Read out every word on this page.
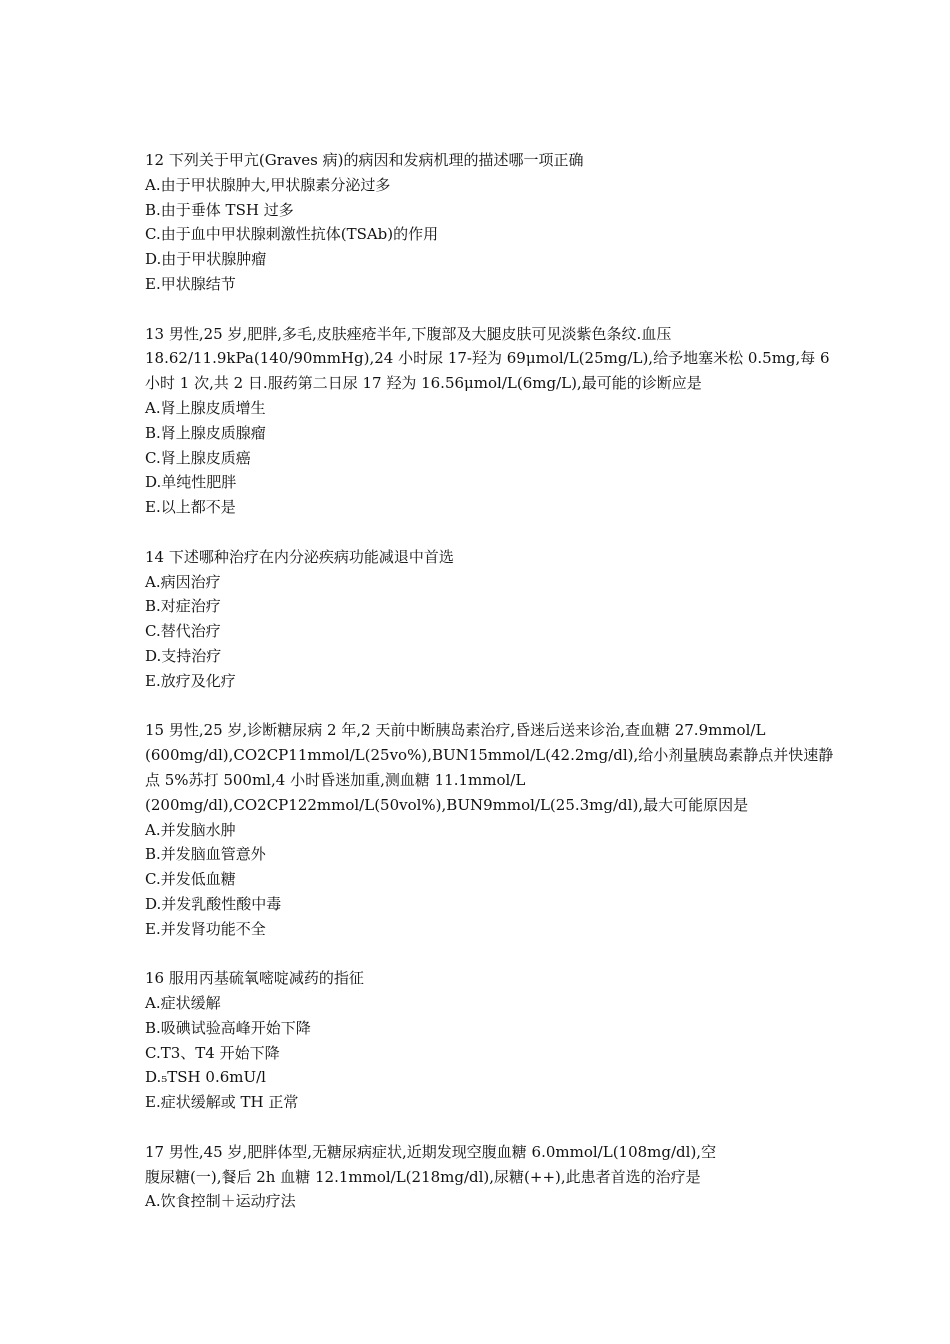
12 下列关于甲亢(Graves 病)的病因和发病机理的描述哪一项正确
A.由于甲状腺肿大,甲状腺素分泌过多
B.由于垂体 TSH 过多
C.由于血中甲状腺刺激性抗体(TSAb)的作用
D.由于甲状腺肿瘤
E.甲状腺结节
13 男性,25 岁,肥胖,多毛,皮肤痤疮半年,下腹部及大腿皮肤可见淡紫色条纹.血压
18.62/11.9kPa(140/90mmHg),24 小时尿 17-羟为 69μmol/L(25mg/L),给予地塞米松 0.5mg,每 6
小时 1 次,共 2 日.服药第二日尿 17 羟为 16.56μmol/L(6mg/L),最可能的诊断应是
A.肾上腺皮质增生
B.肾上腺皮质腺瘤
C.肾上腺皮质癌
D.单纯性肥胖
E.以上都不是
14 下述哪种治疗在内分泌疾病功能减退中首选
A.病因治疗
B.对症治疗
C.替代治疗
D.支持治疗
E.放疗及化疗
15 男性,25 岁,诊断糖尿病 2 年,2 天前中断胰岛素治疗,昏迷后送来诊治,查血糖 27.9mmol/L
(600mg/dl),CO2CP11mmol/L(25vo%),BUN15mmol/L(42.2mg/dl),给小剂量胰岛素静点并快速静
点 5%苏打 500ml,4 小时昏迷加重,测血糖 11.1mmol/L
(200mg/dl),CO2CP122mmol/L(50vol%),BUN9mmol/L(25.3mg/dl),最大可能原因是
A.并发脑水肿
B.并发脑血管意外
C.并发低血糖
D.并发乳酸性酸中毒
E.并发肾功能不全
16 服用丙基硫氧嘧啶减药的指征
A.症状缓解
B.吸碘试验高峰开始下降
C.T3、T4 开始下降
D.₅TSH 0.6mU/l
E.症状缓解或 TH 正常
17 男性,45 岁,肥胖体型,无糖尿病症状,近期发现空腹血糖 6.0mmol/L(108mg/dl),空
腹尿糖(一),餐后 2h 血糖 12.1mmol/L(218mg/dl),尿糖(++),此患者首选的治疗是
A.饮食控制＋运动疗法
